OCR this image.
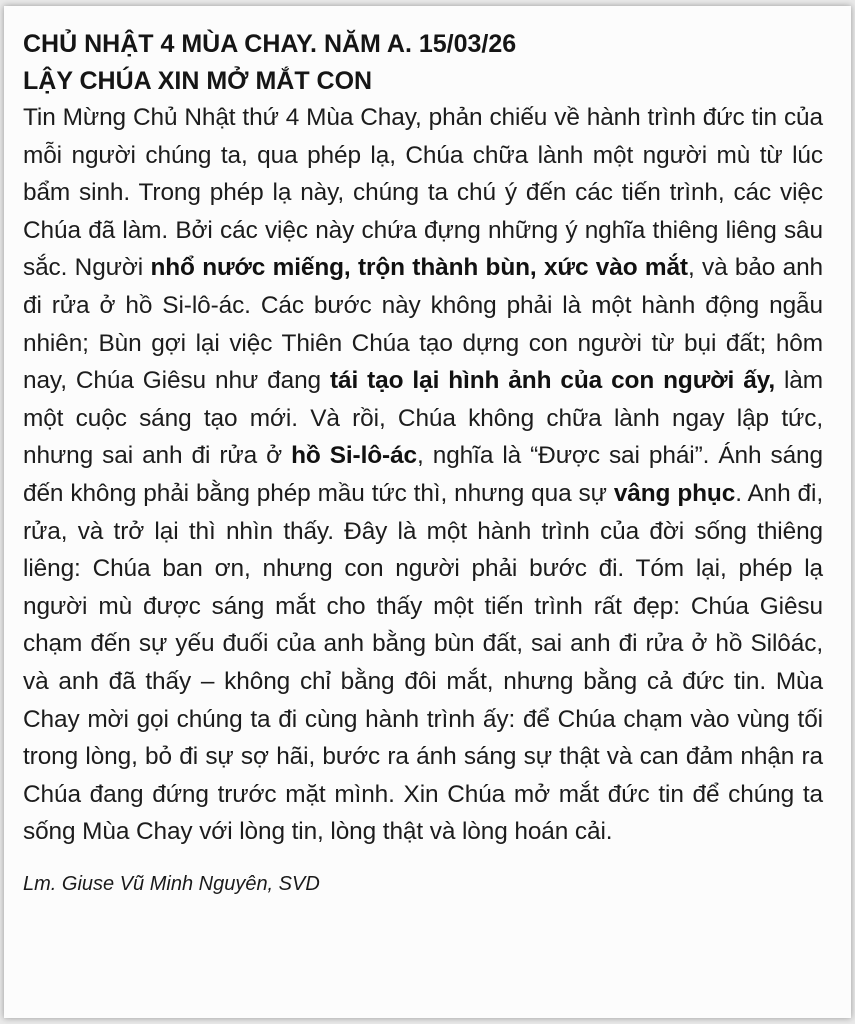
CHỦ NHẬT 4 MÙA CHAY. NĂM A. 15/03/26
LẬY CHÚA XIN MỞ MẮT CON

Tin Mừng Chủ Nhật thứ 4 Mùa Chay, phản chiếu về hành trình đức tin của mỗi người chúng ta, qua phép lạ, Chúa chữa lành một người mù từ lúc bẩm sinh. Trong phép lạ này, chúng ta chú ý đến các tiến trình, các việc Chúa đã làm. Bởi các việc này chứa đựng những ý nghĩa thiêng liêng sâu sắc. Người nhổ nước miếng, trộn thành bùn, xức vào mắt, và bảo anh đi rửa ở hồ Si-lô-ác. Các bước này không phải là một hành động ngẫu nhiên; Bùn gợi lại việc Thiên Chúa tạo dựng con người từ bụi đất; hôm nay, Chúa Giêsu như đang tái tạo lại hình ảnh của con người ấy, làm một cuộc sáng tạo mới. Và rồi, Chúa không chữa lành ngay lập tức, nhưng sai anh đi rửa ở hồ Si-lô-ác, nghĩa là “Được sai phái”. Ánh sáng đến không phải bằng phép mầu tức thì, nhưng qua sự vâng phục. Anh đi, rửa, và trở lại thì nhìn thấy. Đây là một hành trình của đời sống thiêng liêng: Chúa ban ơn, nhưng con người phải bước đi. Tóm lại, phép lạ người mù được sáng mắt cho thấy một tiến trình rất đẹp: Chúa Giêsu chạm đến sự yếu đuối của anh bằng bùn đất, sai anh đi rửa ở hồ Silôác, và anh đã thấy – không chỉ bằng đôi mắt, nhưng bằng cả đức tin. Mùa Chay mời gọi chúng ta đi cùng hành trình ấy: để Chúa chạm vào vùng tối trong lòng, bỏ đi sự sợ hãi, bước ra ánh sáng sự thật và can đảm nhận ra Chúa đang đứng trước mặt mình. Xin Chúa mở mắt đức tin để chúng ta sống Mùa Chay với lòng tin, lòng thật và lòng hoán cải.

Lm. Giuse Vũ Minh Nguyên, SVD
